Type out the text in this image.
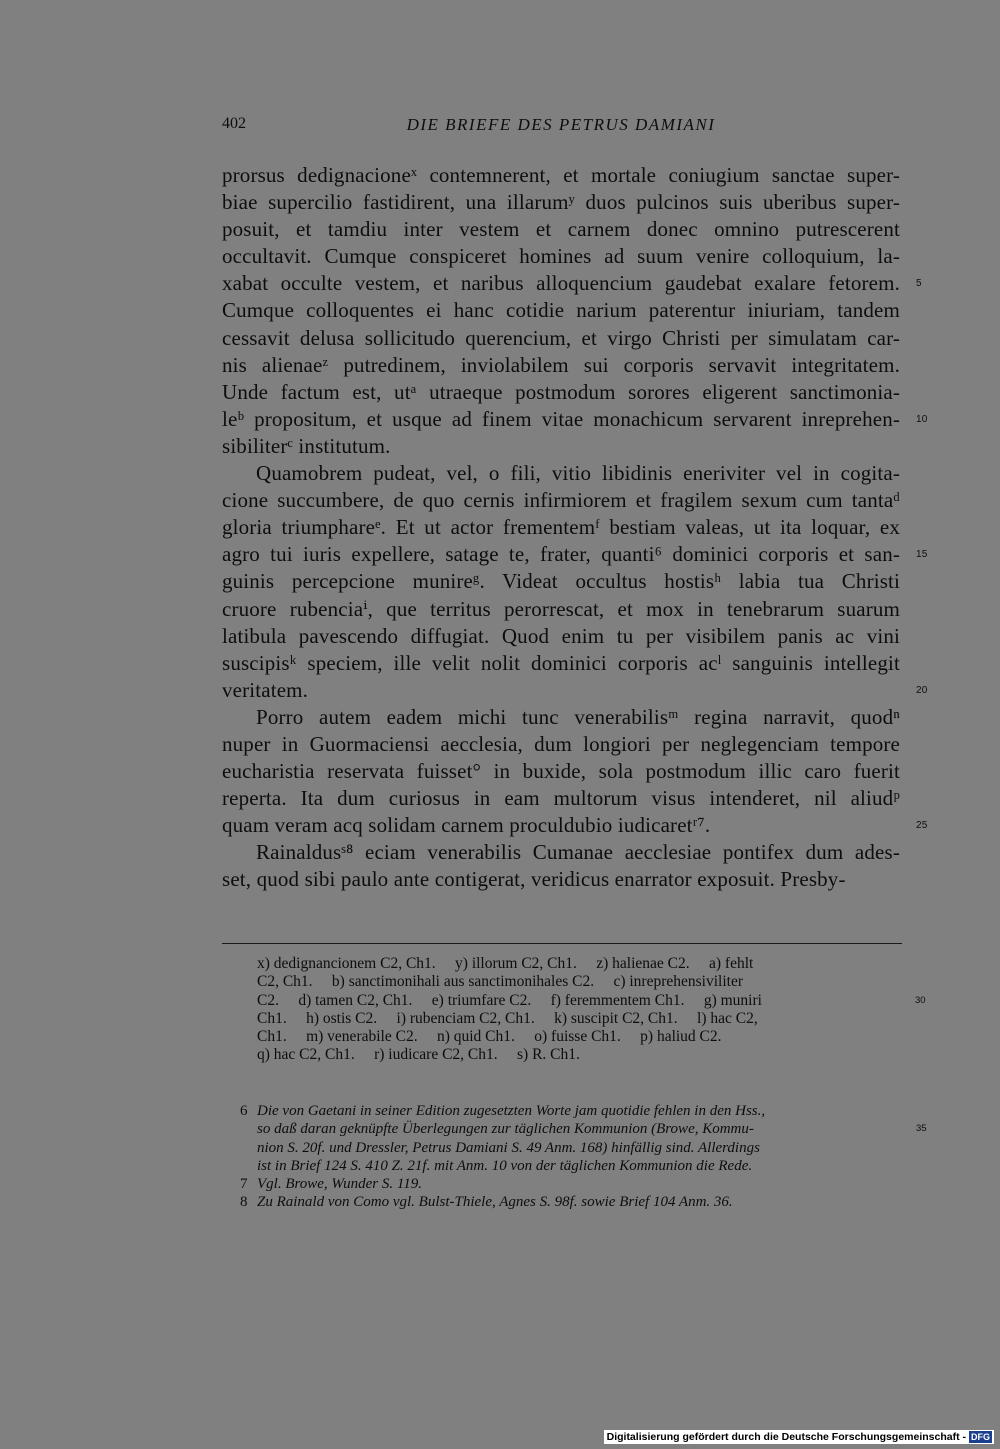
402	DIE BRIEFE DES PETRUS DAMIANI
prorsus dedignacioneˣ contemnerent, et mortale coniugium sanctae super-
biae supercilio fastidirent, una illarumʸ duos pulcinos suis uberibus super-
posuit, et tamdiu inter vestem et carnem donec omnino putrescerent
occultavit. Cumque conspiceret homines ad suum venire colloquium, la-
xabat occulte vestem, et naribus alloquencium gaudebat exalare fetorem. 5
Cumque colloquentes ei hanc cotidie narium paterentur iniuriam, tandem
cessavit delusa sollicitudo querencium, et virgo Christi per simulatam car-
nis alienaeᶻ putredinem, inviolabilem sui corporis servavit integritatem.
Unde factum est, utᵃ utraeque postmodum sorores eligerent sanctimonia-
leᵇ propositum, et usque ad finem vitae monachicum servarent inreprehen- 10
sibiliterᶜ institutum.
Quamobrem pudeat, vel, o fili, vitio libidinis eneriviter vel in cogita-
cione succumbere, de quo cernis infirmiorem et fragilem sexum cum tantaᵈ
gloria triumphareᵉ. Et ut actor frementemᶠ bestiam valeas, ut ita loquar, ex
agro tui iuris expellere, satage te, frater, quanti⁶ dominici corporis et san- 15
guinis percepcione munireᵍ. Videat occultus hostisʰ labia tua Christi
cruore rubenciaⁱ, que territus perorrescat, et mox in tenebrarum suarum
latibula pavescendo diffugiat. Quod enim tu per visibilem panis ac vini
suscipisᵏ speciem, ille velit nolit dominici corporis acˡ sanguinis intellegit
veritatem.	20
Porro autem eadem michi tunc venerabilisᵐ regina narravit, quodⁿ
nuper in Guormaciensi aecclesia, dum longiori per neglegenciam tempore
eucharistia reservata fuisset° in buxide, sola postmodum illic caro fuerit
reperta. Ita dum curiosus in eam multorum visus intenderet, nil aliudᵖ
quam veram acq solidam carnem proculdubio iudicaretʳ⁷.	25
Rainaldusˢ⁸ eciam venerabilis Cumanae aecclesiae pontifex dum ades-
set, quod sibi paulo ante contigerat, veridicus enarrator exposuit. Presby-
x) dedignancionem C2, Ch1.     y) illorum C2, Ch1.     z) halienae C2.     a) fehlt
C2, Ch1.     b) sanctimonihali aus sanctimonihales C2.     c) inreprehensiviliter
C2.     d) tamen C2, Ch1.     e) triumfare C2.     f) feremmentem Ch1.     g) muniri	30
Ch1.     h) ostis C2.     i) rubenciam C2, Ch1.     k) suscipit C2, Ch1.     l) hac C2,
Ch1.     m) venerabile C2.     n) quid Ch1.     o) fuisse Ch1.     p) haliud C2.
q) hac C2, Ch1.     r) iudicare C2, Ch1.     s) R. Ch1.
6 Die von Gaetani in seiner Edition zugesetzten Worte jam quotidie fehlen in den Hss.,
so daß daran geknüpfte Überlegungen zur täglichen Kommunion (Browe, Kommu-	35
nion S. 20f. und Dressler, Petrus Damiani S. 49 Anm. 168) hinfällig sind. Allerdings
ist in Brief 124 S. 410 Z. 21f. mit Anm. 10 von der täglichen Kommunion die Rede.
7 Vgl. Browe, Wunder S. 119.
8 Zu Rainald von Como vgl. Bulst-Thiele, Agnes S. 98f. sowie Brief 104 Anm. 36.
Digitalisierung gefördert durch die Deutsche Forschungsgemeinschaft - DFG
